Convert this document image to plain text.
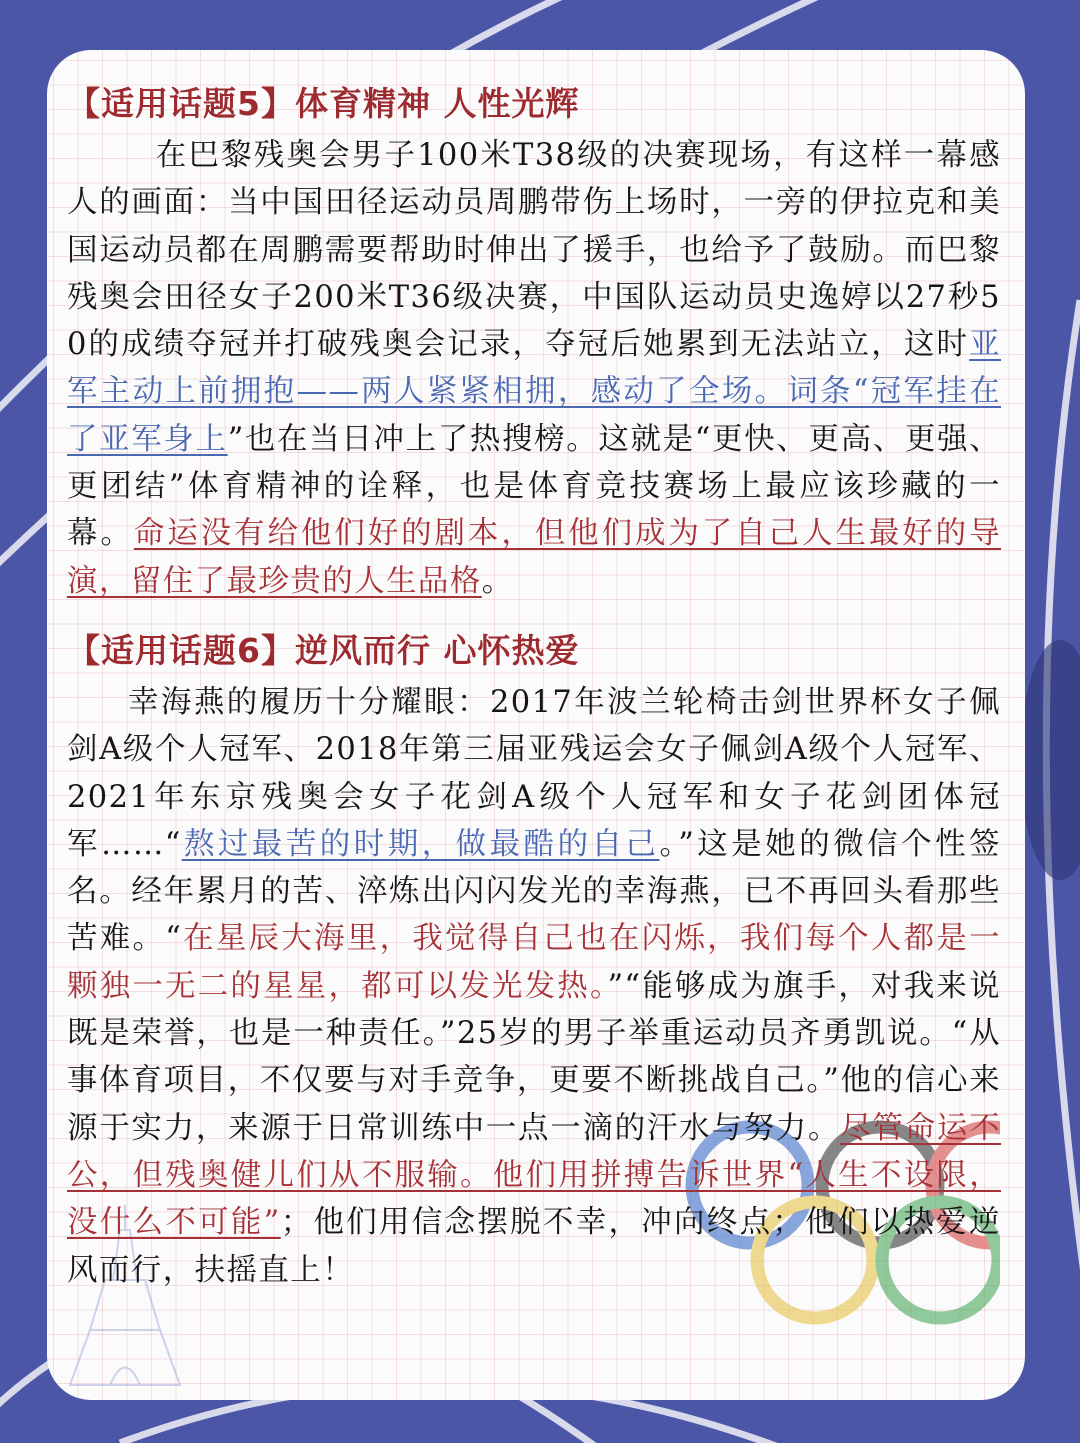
【适用话题5】体育精神 人性光辉

在巴黎残奥会男子100米T38级的决赛现场，有这样一幕感人的画面：当中国田径运动员周鹏带伤上场时，一旁的伊拉克和美国运动员都在周鹏需要帮助时伸出了援手，也给予了鼓励。而巴黎残奥会田径女子200米T36级决赛，中国队运动员史逸婷以27秒50的成绩夺冠并打破残奥会记录，夺冠后她累到无法站立，这时亚军主动上前拥抱——两人紧紧相拥，感动了全场。词条“冠军挂在了亚军身上”也在当日冲上了热搜榜。这就是“更快、更高、更强、更团结”体育精神的诠释，也是体育竞技赛场上最应该珍藏的一幕。命运没有给他们好的剧本，但他们成为了自己人生最好的导演，留住了最珍贵的人生品格。

【适用话题6】逆风而行 心怀热爱

幸海燕的履历十分耀眼：2017年波兰轮椅击剑世界杯女子佩剑A级个人冠军、2018年第三届亚残运会女子佩剑A级个人冠军、2021年东京残奥会女子花剑A级个人冠军和女子花剑团体冠军……“熬过最苦的时期，做最酷的自己。”这是她的微信个性签名。经年累月的苦、淬炼出闪闪发光的幸海燕，已不再回头看那些苦难。“在星辰大海里，我觉得自己也在闪烁，我们每个人都是一颗独一无二的星星，都可以发光发热。”“能够成为旗手，对我来说既是荣誉，也是一种责任。”25岁的男子举重运动员齐勇凯说。“从事体育项目，不仅要与对手竞争，更要不断挑战自己。”他的信心来源于实力，来源于日常训练中一点一滴的汗水与努力。尽管命运不公，但残奥健儿们从不服输。他们用拼搏告诉世界“人生不设限，没什么不可能”；他们用信念摆脱不幸，冲向终点；他们以热爱逆风而行，扶摇直上！
